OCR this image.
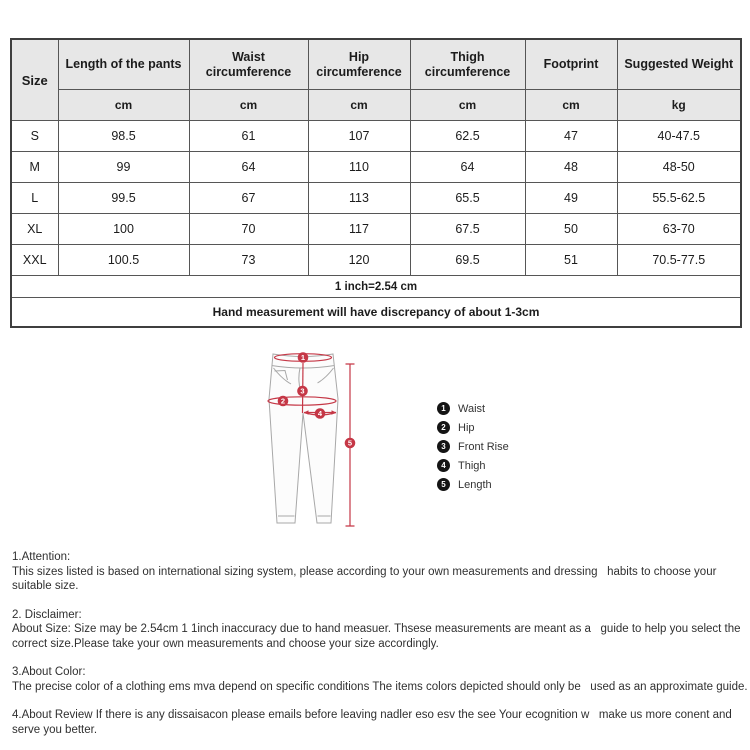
Size	Length of the pants	Waist circumference	Hip circumference	Thigh circumference	Footprint	Suggested Weight
	cm	cm	cm	cm	cm	kg
S	98.5	61	107	62.5	47	40-47.5
M	99	64	110	64	48	48-50
L	99.5	67	113	65.5	49	55.5-62.5
XL	100	70	117	67.5	50	63-70
XXL	100.5	73	120	69.5	51	70.5-77.5
1 inch=2.54 cm						
Hand measurement will have discrepancy of about 1-3cm						
1
2
3
4
5
1	Waist
2	Hip
3	Front Rise
4	Thigh
5	Length

1.Attention:

This sizes listed is based on international sizing system, please according to your own measurements and dressing   habits to choose your suitable size.

2. Disclaimer:

About Size: Size may be 2.54cm 1 1inch inaccuracy due to hand measuer. Thsese measurements are meant as a   guide to help you select the correct size.Please take your own measurements and choose your size accordingly.

3.About Color:

The precise color of a clothing ems mva depend on specific conditions The items colors depicted should only be   used as an approximate guide.

4.About Review If there is any dissaisacon please emails before leaving nadler eso esv the see Your ecognition w   make us more conent and serve you better.
